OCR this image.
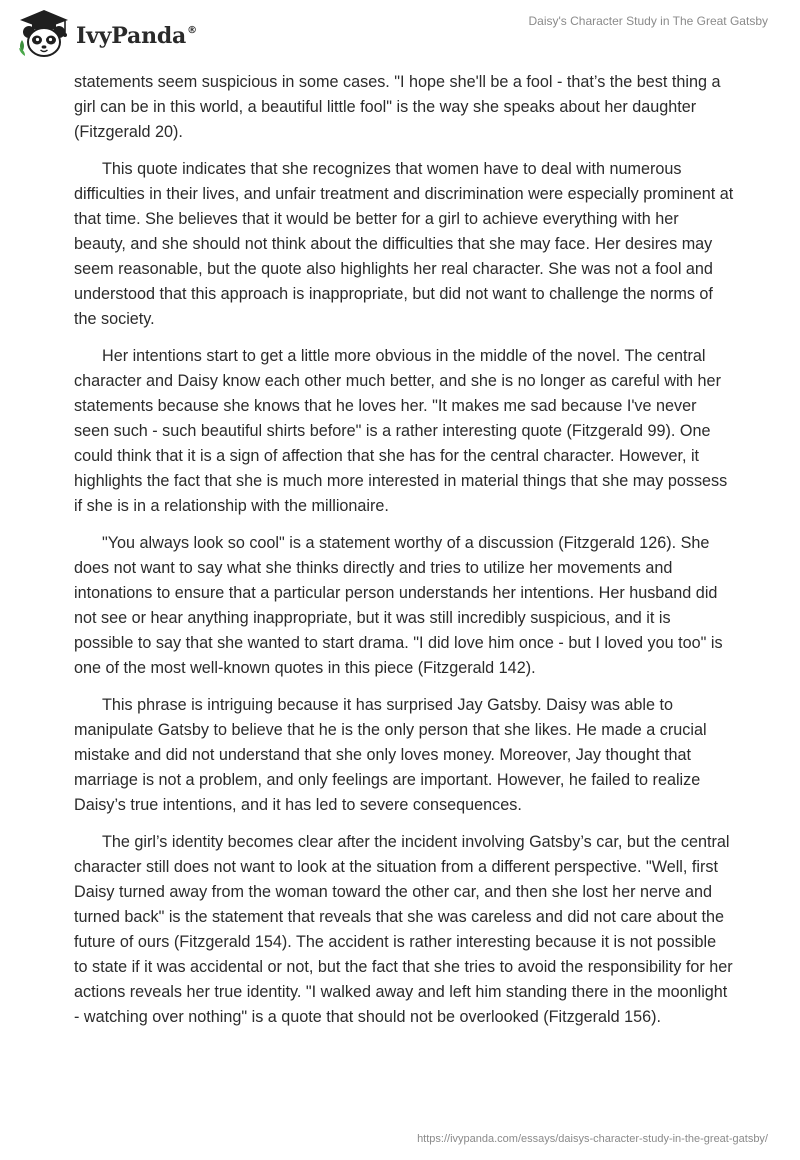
IvyPanda®
Daisy's Character Study in The Great Gatsby

statements seem suspicious in some cases. "I hope she'll be a fool - that’s the best thing a girl can be in this world, a beautiful little fool" is the way she speaks about her daughter (Fitzgerald 20).

This quote indicates that she recognizes that women have to deal with numerous difficulties in their lives, and unfair treatment and discrimination were especially prominent at that time. She believes that it would be better for a girl to achieve everything with her beauty, and she should not think about the difficulties that she may face. Her desires may seem reasonable, but the quote also highlights her real character. She was not a fool and understood that this approach is inappropriate, but did not want to challenge the norms of the society.

Her intentions start to get a little more obvious in the middle of the novel. The central character and Daisy know each other much better, and she is no longer as careful with her statements because she knows that he loves her. "It makes me sad because I've never seen such - such beautiful shirts before" is a rather interesting quote (Fitzgerald 99). One could think that it is a sign of affection that she has for the central character. However, it highlights the fact that she is much more interested in material things that she may possess if she is in a relationship with the millionaire.

"You always look so cool" is a statement worthy of a discussion (Fitzgerald 126). She does not want to say what she thinks directly and tries to utilize her movements and intonations to ensure that a particular person understands her intentions. Her husband did not see or hear anything inappropriate, but it was still incredibly suspicious, and it is possible to say that she wanted to start drama. "I did love him once - but I loved you too" is one of the most well-known quotes in this piece (Fitzgerald 142).

This phrase is intriguing because it has surprised Jay Gatsby. Daisy was able to manipulate Gatsby to believe that he is the only person that she likes. He made a crucial mistake and did not understand that she only loves money. Moreover, Jay thought that marriage is not a problem, and only feelings are important. However, he failed to realize Daisy’s true intentions, and it has led to severe consequences.

The girl’s identity becomes clear after the incident involving Gatsby’s car, but the central character still does not want to look at the situation from a different perspective. "Well, first Daisy turned away from the woman toward the other car, and then she lost her nerve and turned back" is the statement that reveals that she was careless and did not care about the future of ours (Fitzgerald 154). The accident is rather interesting because it is not possible to state if it was accidental or not, but the fact that she tries to avoid the responsibility for her actions reveals her true identity. "I walked away and left him standing there in the moonlight - watching over nothing" is a quote that should not be overlooked (Fitzgerald 156).

https://ivypanda.com/essays/daisys-character-study-in-the-great-gatsby/
